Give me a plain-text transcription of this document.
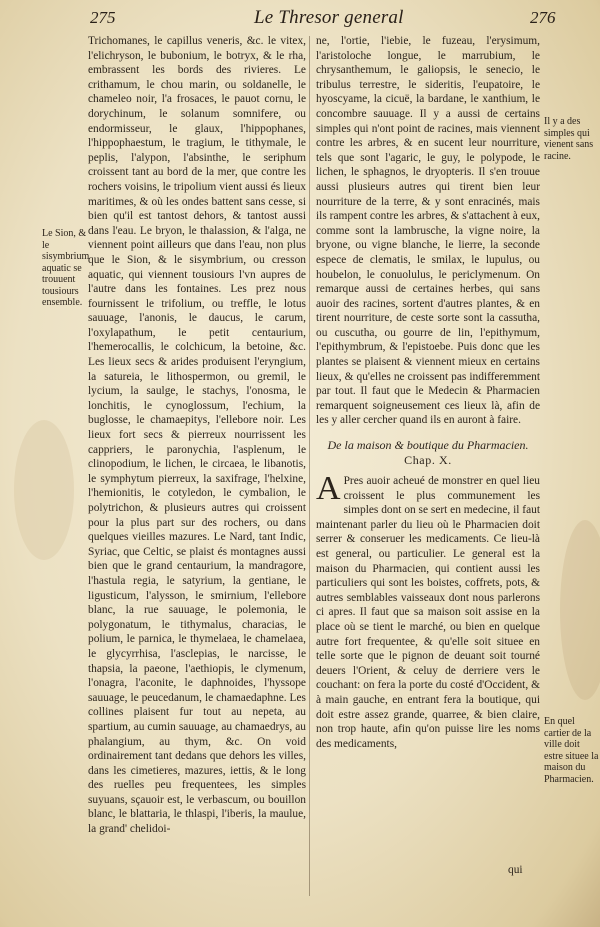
275	Le Thresor general	276
Le Sion, & le sisymbrium aquatic se trouuent tousiours ensemble.

Trichomanes, le capillus veneris, &c. le vitex, l'elichryson, le bubonium, le botryx, & le rha, embrassent les bords des rivieres. Le crithamum, le chou marin, ou soldanelle, le chameleo noir, l'a frosaces, le pauot cornu, le dorychinum, le solanum somnifere, ou endormisseur, le glaux, l'hippophanes, l'hippophaestum, le tragium, le tithymale, le peplis, l'alypon, l'absinthe, le seriphum croissent tant au bord de la mer, que contre les rochers voisins, le tripolium vient aussi és lieux maritimes, & où les ondes battent sans cesse, si bien qu'il est tantost dehors, & tantost aussi dans l'eau. Le bryon, le thalassion, & l'alga, ne viennent point ailleurs que dans l'eau, non plus que le Sion, & le sisymbrium, ou cresson aquatic, qui viennent tousiours l'vn aupres de l'autre dans les fontaines. Les prez nous fournissent le trifolium, ou treffle, le lotus sauuage, l'anonis, le daucus, le carum, l'oxylapathum, le petit centaurium, l'hemerocallis, le colchicum, la betoine, &c. Les lieux secs & arides produisent l'eryngium, la satureia, le lithospermon, ou gremil, le lycium, la saulge, le stachys, l'onosma, le lonchitis, le cynoglossum, l'echium, la buglosse, le chamaepitys, l'ellebore noir. Les lieux fort secs & pierreux nourrissent les cappriers, le paronychia, l'asplenum, le clinopodium, le lichen, le circaea, le libanotis, le symphytum pierreux, la saxifrage, l'helxine, l'hemionitis, le cotyledon, le cymbalion, le polytrichon, & plusieurs autres qui croissent pour la plus part sur des rochers, ou dans quelques vieilles mazures. Le Nard, tant Indic, Syriac, que Celtic, se plaist és montagnes aussi bien que le grand centaurium, la mandragore, l'hastula regia, le satyrium, la gentiane, le ligusticum, l'alysson, le smirnium, l'ellebore blanc, la rue sauuage, le polemonia, le polygonatum, le tithymalus, characias, le polium, le parnica, le thymelaea, le chamelaea, le glycyrrhisa, l'asclepias, le narcisse, le thapsia, la paeone, l'aethiopis, le clymenum, l'onagra, l'aconite, le daphnoides, l'hyssope sauuage, le peucedanum, le chamaedaphne. Les collines plaisent fur tout au nepeta, au spartium, au cumin sauuage, au chamaedrys, au phalangium, au thym, &c. On void ordinairement tant dedans que dehors les villes, dans les cimetieres, mazures, iettis, & le long des ruelles peu frequentees, les simples suyuans, sçauoir est, le verbascum, ou bouillon blanc, le blattaria, le thlaspi, l'iberis, la maulue, la grand' chelidoi-

ne, l'ortie, l'iebie, le fuzeau, l'erysimum, l'aristoloche longue, le marrubium, le chrysanthemum, le galiopsis, le senecio, le tribulus terrestre, le sideritis, l'eupatoire, le hyoscyame, la cicuë, la bardane, le xanthium, le concombre sauuage. Il y a aussi de certains simples qui n'ont point de racines, mais viennent contre les arbres, & en sucent leur nourriture, tels que sont l'agaric, le guy, le polypode, le lichen, le sphagnos, le dryopteris. Il s'en trouue aussi plusieurs autres qui tirent bien leur nourriture de la terre, & y sont enracinés, mais ils rampent contre les arbres, & s'attachent à eux, comme sont la lambrusche, la vigne noire, la bryone, ou vigne blanche, le lierre, la seconde espece de clematis, le smilax, le lupulus, ou houbelon, le conuolulus, le periclymenum. On remarque aussi de certaines herbes, qui sans auoir des racines, sortent d'autres plantes, & en tirent nourriture, de ceste sorte sont la cassutha, ou cuscutha, ou gourre de lin, l'epithymum, l'epithymbrum, & l'epistoebe. Puis donc que les plantes se plaisent & viennent mieux en certains lieux, & qu'elles ne croissent pas indifferemment par tout. Il faut que le Medecin & Pharmacien remarquent soigneusement ces lieux là, afin de les y aller cercher quand ils en auront à faire.

De la maison & boutique du Pharmacien. Chap. X.

A Pres auoir acheué de monstrer en quel lieu croissent le plus communement les simples dont on se sert en medecine, il faut maintenant parler du lieu où le Pharmacien doit serrer & conseruer les medicaments. Ce lieu-là est general, ou particulier. Le general est la maison du Pharmacien, qui contient aussi les particuliers qui sont les boistes, coffrets, pots, & autres semblables vaisseaux dont nous parlerons ci apres. Il faut que sa maison soit assise en la place où se tient le marché, ou bien en quelque autre fort frequentee, & qu'elle soit situee en telle sorte que le pignon de deuant soit tourné deuers l'Orient, & celuy de derriere vers le couchant: on fera la porte du costé d'Occident, & à main gauche, en entrant fera la boutique, qui doit estre assez grande, quarree, & bien claire, non trop haute, afin qu'on puisse lire les noms des medicaments,

Il y a des simples qui vienent sans racine.
En quel cartier de la ville doit estre situee la maison du Pharmacien.
qui
